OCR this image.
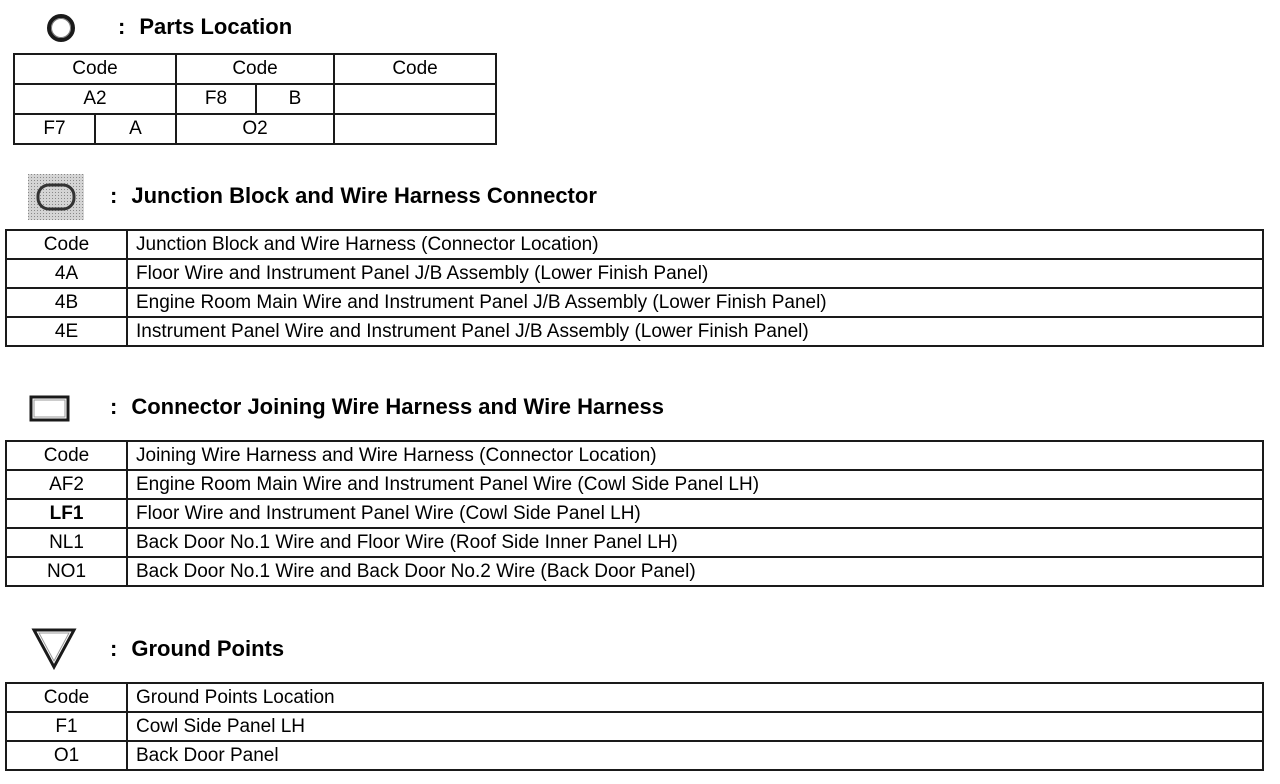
: Parts Location
Code		Code		Code
A2		F8	B	
F7	A	O2		
: Junction Block and Wire Harness Connector
Code	Junction Block and Wire Harness (Connector Location)
4A	Floor Wire and Instrument Panel J/B Assembly (Lower Finish Panel)
4B	Engine Room Main Wire and Instrument Panel J/B Assembly (Lower Finish Panel)
4E	Instrument Panel Wire and Instrument Panel J/B Assembly (Lower Finish Panel)
: Connector Joining Wire Harness and Wire Harness
Code	Joining Wire Harness and Wire Harness (Connector Location)
AF2	Engine Room Main Wire and Instrument Panel Wire (Cowl Side Panel LH)
LF1	Floor Wire and Instrument Panel Wire (Cowl Side Panel LH)
NL1	Back Door No.1 Wire and Floor Wire (Roof Side Inner Panel LH)
NO1	Back Door No.1 Wire and Back Door No.2 Wire (Back Door Panel)
: Ground Points
Code	Ground Points Location
F1	Cowl Side Panel LH
O1	Back Door Panel
